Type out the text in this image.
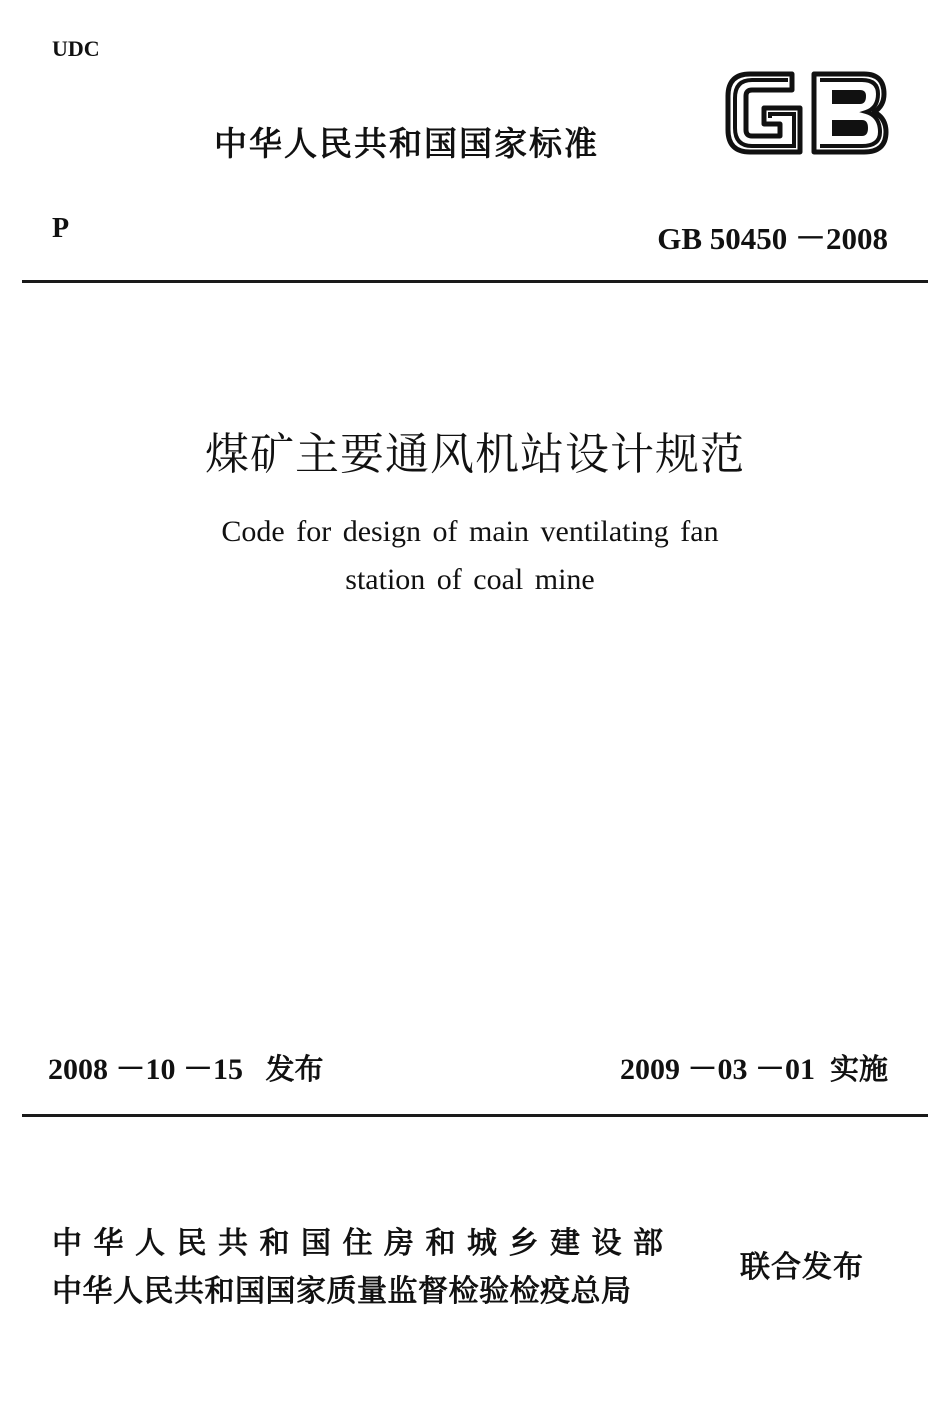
UDC
中华人民共和国国家标准
P	GB 50450 －2008
煤矿主要通风机站设计规范
Code for design of main ventilating fan
station of coal mine
2008 －10 －15 发布	2009 －03 －01 实施
中华人民共和国住房和城乡建设部
中华人民共和国国家质量监督检验检疫总局
联合发布
